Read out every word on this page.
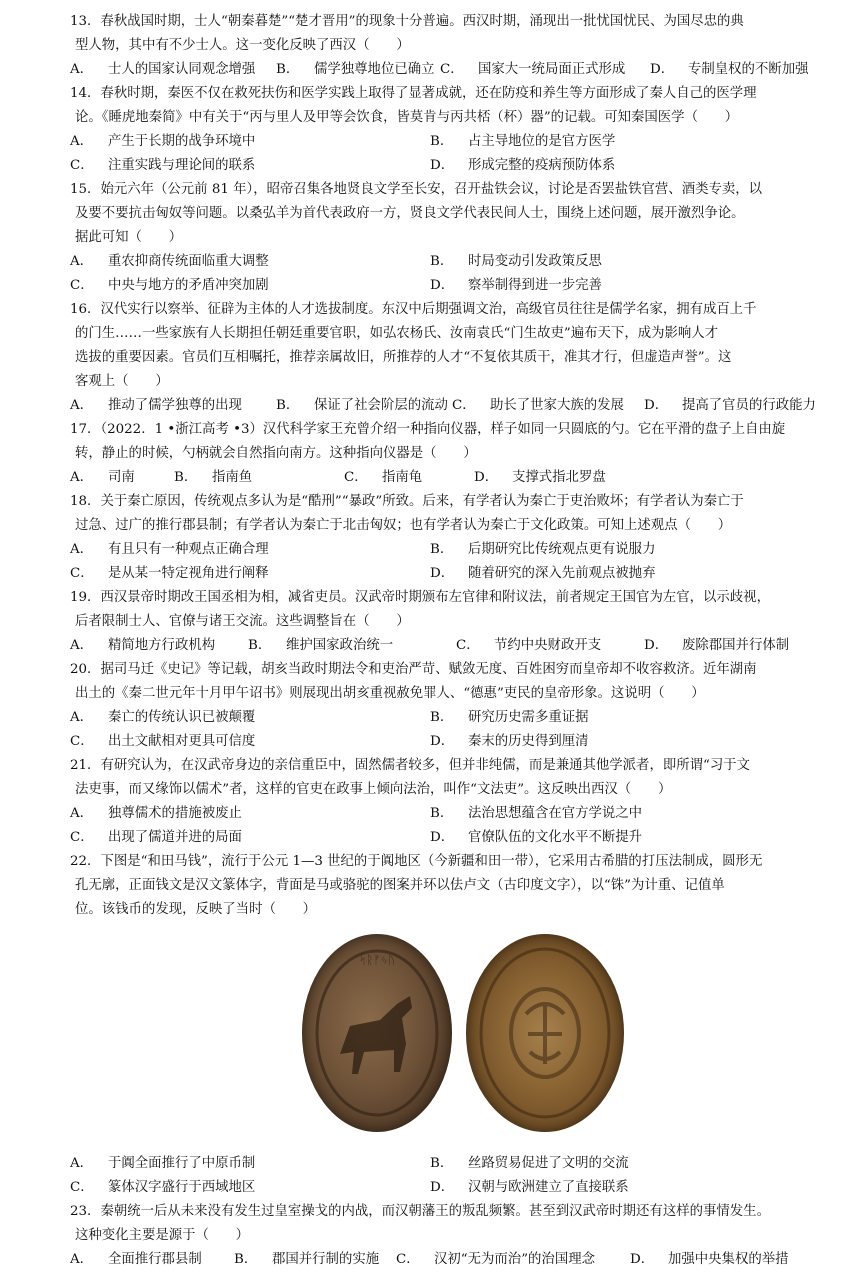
13．春秋战国时期，士人“朝秦暮楚”“楚才晋用”的现象十分普遍。西汉时期，涌现出一批忧国忧民、为国尽忠的典
型人物，其中有不少士人。这一变化反映了西汉（　　）
A． 士人的国家认同观念增强 B． 儒学独尊地位已确立 C． 国家大一统局面正式形成 D． 专制皇权的不断加强
14．春秋时期，秦医不仅在救死扶伤和医学实践上取得了显著成就，还在防疫和养生等方面形成了秦人自己的医学理
论。《睡虎地秦简》中有关于“丙与里人及甲等会饮食，皆莫肯与丙共桮（杯）器”的记载。可知秦国医学（　　）
A． 产生于长期的战争环境中	B． 占主导地位的是官方医学
C． 注重实践与理论间的联系	D． 形成完整的疫病预防体系
15．始元六年（公元前 81 年），昭帝召集各地贤良文学至长安，召开盐铁会议，讨论是否罢盐铁官营、酒类专卖，以
及要不要抗击匈奴等问题。以桑弘羊为首代表政府一方，贤良文学代表民间人士，围绕上述问题，展开激烈争论。
据此可知（　　）
A． 重农抑商传统面临重大调整	B． 时局变动引发政策反思
C． 中央与地方的矛盾冲突加剧	D． 察举制得到进一步完善
16．汉代实行以察举、征辟为主体的人才选拔制度。东汉中后期强调文治，高级官员往往是儒学名家，拥有成百上千
的门生……一些家族有人长期担任朝廷重要官职，如弘农杨氏、汝南袁氏“门生故吏”遍布天下，成为影响人才
选拔的重要因素。官员们互相嘱托，推荐亲属故旧，所推荐的人才“不复依其质干，准其才行，但虚造声誉”。这
客观上（　　）
A． 推动了儒学独尊的出现	B． 保证了社会阶层的流动 C． 助长了世家大族的发展 D． 提高了官员的行政能力
17．（2022．1 •浙江高考 •3）汉代科学家王充曾介绍一种指向仪器，样子如同一只圆底的勺。它在平滑的盘子上自由旋
转，静止的时候，勺柄就会自然指向南方。这种指向仪器是（　　）
A． 司南	B． 指南鱼	C． 指南龟	D． 支撑式指北罗盘
18．关于秦亡原因，传统观点多认为是“酷刑”“暴政”所致。后来，有学者认为秦亡于吏治败坏；有学者认为秦亡于
过急、过广的推行郡县制；有学者认为秦亡于北击匈奴；也有学者认为秦亡于文化政策。可知上述观点（　　）
A． 有且只有一种观点正确合理	B． 后期研究比传统观点更有说服力
C． 是从某一特定视角进行阐释	D． 随着研究的深入先前观点被抛弃
19．西汉景帝时期改王国丞相为相，减省吏员。汉武帝时期颁布左官律和附议法，前者规定王国官为左官，以示歧视，
后者限制士人、官僚与诸王交流。这些调整旨在（　　）
A． 精简地方行政机构 B． 维护国家政治统一	C． 节约中央财政开支	D． 废除郡国并行体制
20．据司马迁《史记》等记载，胡亥当政时期法令和吏治严苛、赋敛无度、百姓困穷而皇帝却不收容救济。近年湖南
出土的《秦二世元年十月甲午诏书》则展现出胡亥重视赦免罪人、“德惠”吏民的皇帝形象。这说明（　　）
A． 秦亡的传统认识已被颠覆	B． 研究历史需多重证据
C． 出土文献相对更具可信度	D． 秦末的历史得到厘清
21．有研究认为，在汉武帝身边的亲信重臣中，固然儒者较多，但并非纯儒，而是兼通其他学派者，即所谓“习于文
法吏事，而又缘饰以儒术”者，这样的官吏在政事上倾向法治，叫作“文法吏”。这反映出西汉（　　）
A． 独尊儒术的措施被废止	B． 法治思想蕴含在官方学说之中
C． 出现了儒道并进的局面	D． 官僚队伍的文化水平不断提升
22．下图是“和田马钱”，流行于公元 1—3 世纪的于阗地区（今新疆和田一带），它采用古希腊的打压法制成，圆形无
孔无廓，正面钱文是汉文篆体字，背面是马或骆驼的图案并环以佉卢文（古印度文字），以“铢”为计重、记值单
位。该钱币的发现，反映了当时（　　）
ᛋᚱᚠᛃᚢ
A． 于阗全面推行了中原币制	B． 丝路贸易促进了文明的交流
C． 篆体汉字盛行于西域地区	D． 汉朝与欧洲建立了直接联系
23．秦朝统一后从未来没有发生过皇室操戈的内战，而汉朝藩王的叛乱频繁。甚至到汉武帝时期还有这样的事情发生。
这种变化主要是源于（　　）
A． 全面推行郡县制 B． 郡国并行制的实施 C． 汉初“无为而治”的治国理念	D． 加强中央集权的举措
